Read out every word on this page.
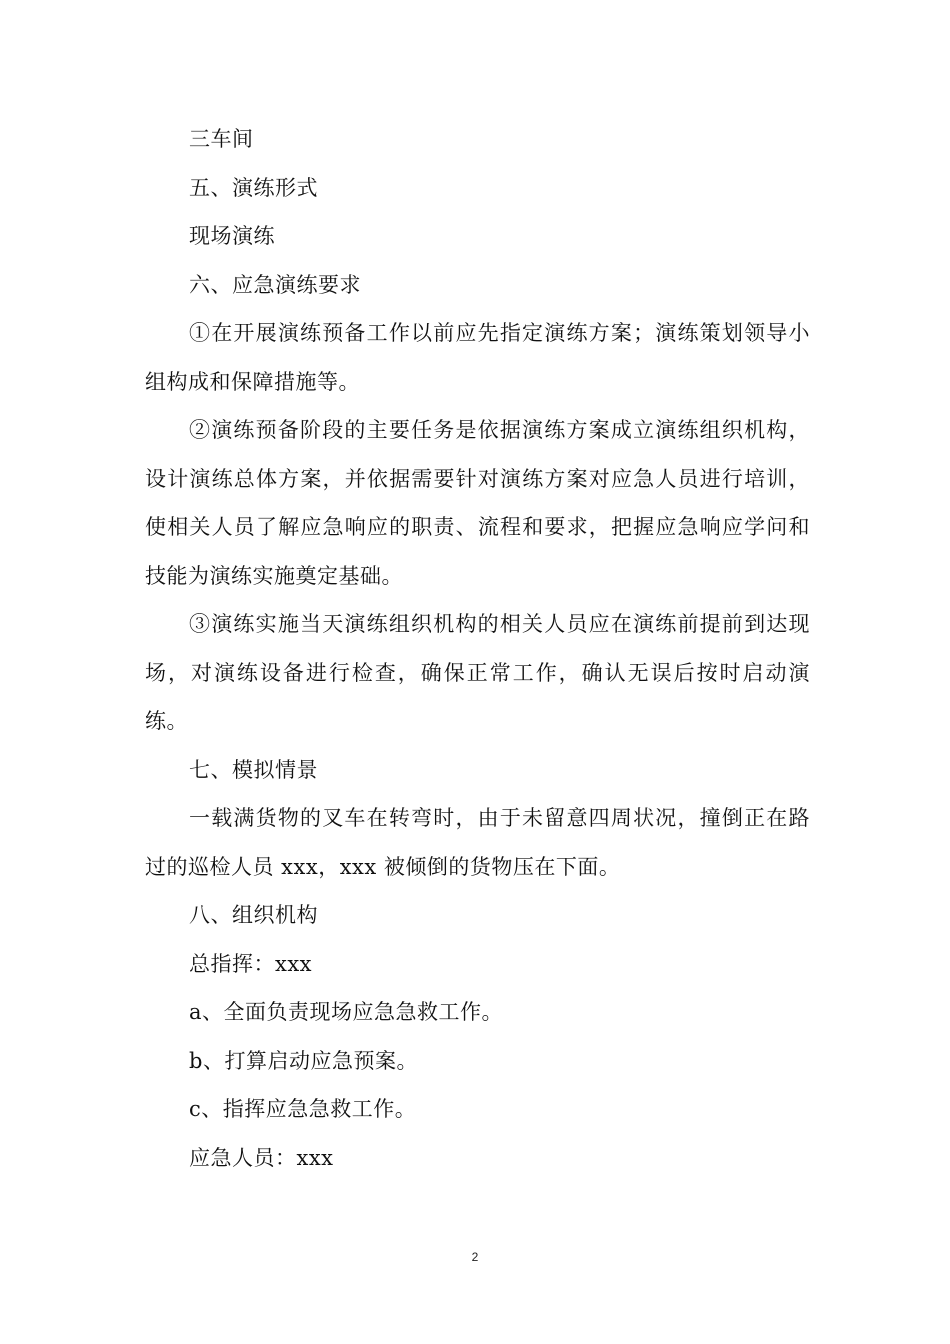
三车间

五、演练形式

现场演练

六、应急演练要求

①在开展演练预备工作以前应先指定演练方案；演练策划领导小组构成和保障措施等。

②演练预备阶段的主要任务是依据演练方案成立演练组织机构，设计演练总体方案，并依据需要针对演练方案对应急人员进行培训，使相关人员了解应急响应的职责、流程和要求，把握应急响应学问和技能为演练实施奠定基础。

③演练实施当天演练组织机构的相关人员应在演练前提前到达现场，对演练设备进行检查，确保正常工作，确认无误后按时启动演练。

七、模拟情景

一载满货物的叉车在转弯时，由于未留意四周状况，撞倒正在路过的巡检人员 xxx，xxx 被倾倒的货物压在下面。

八、组织机构

总指挥：xxx

a、全面负责现场应急急救工作。

b、打算启动应急预案。

c、指挥应急急救工作。

应急人员：xxx

2
